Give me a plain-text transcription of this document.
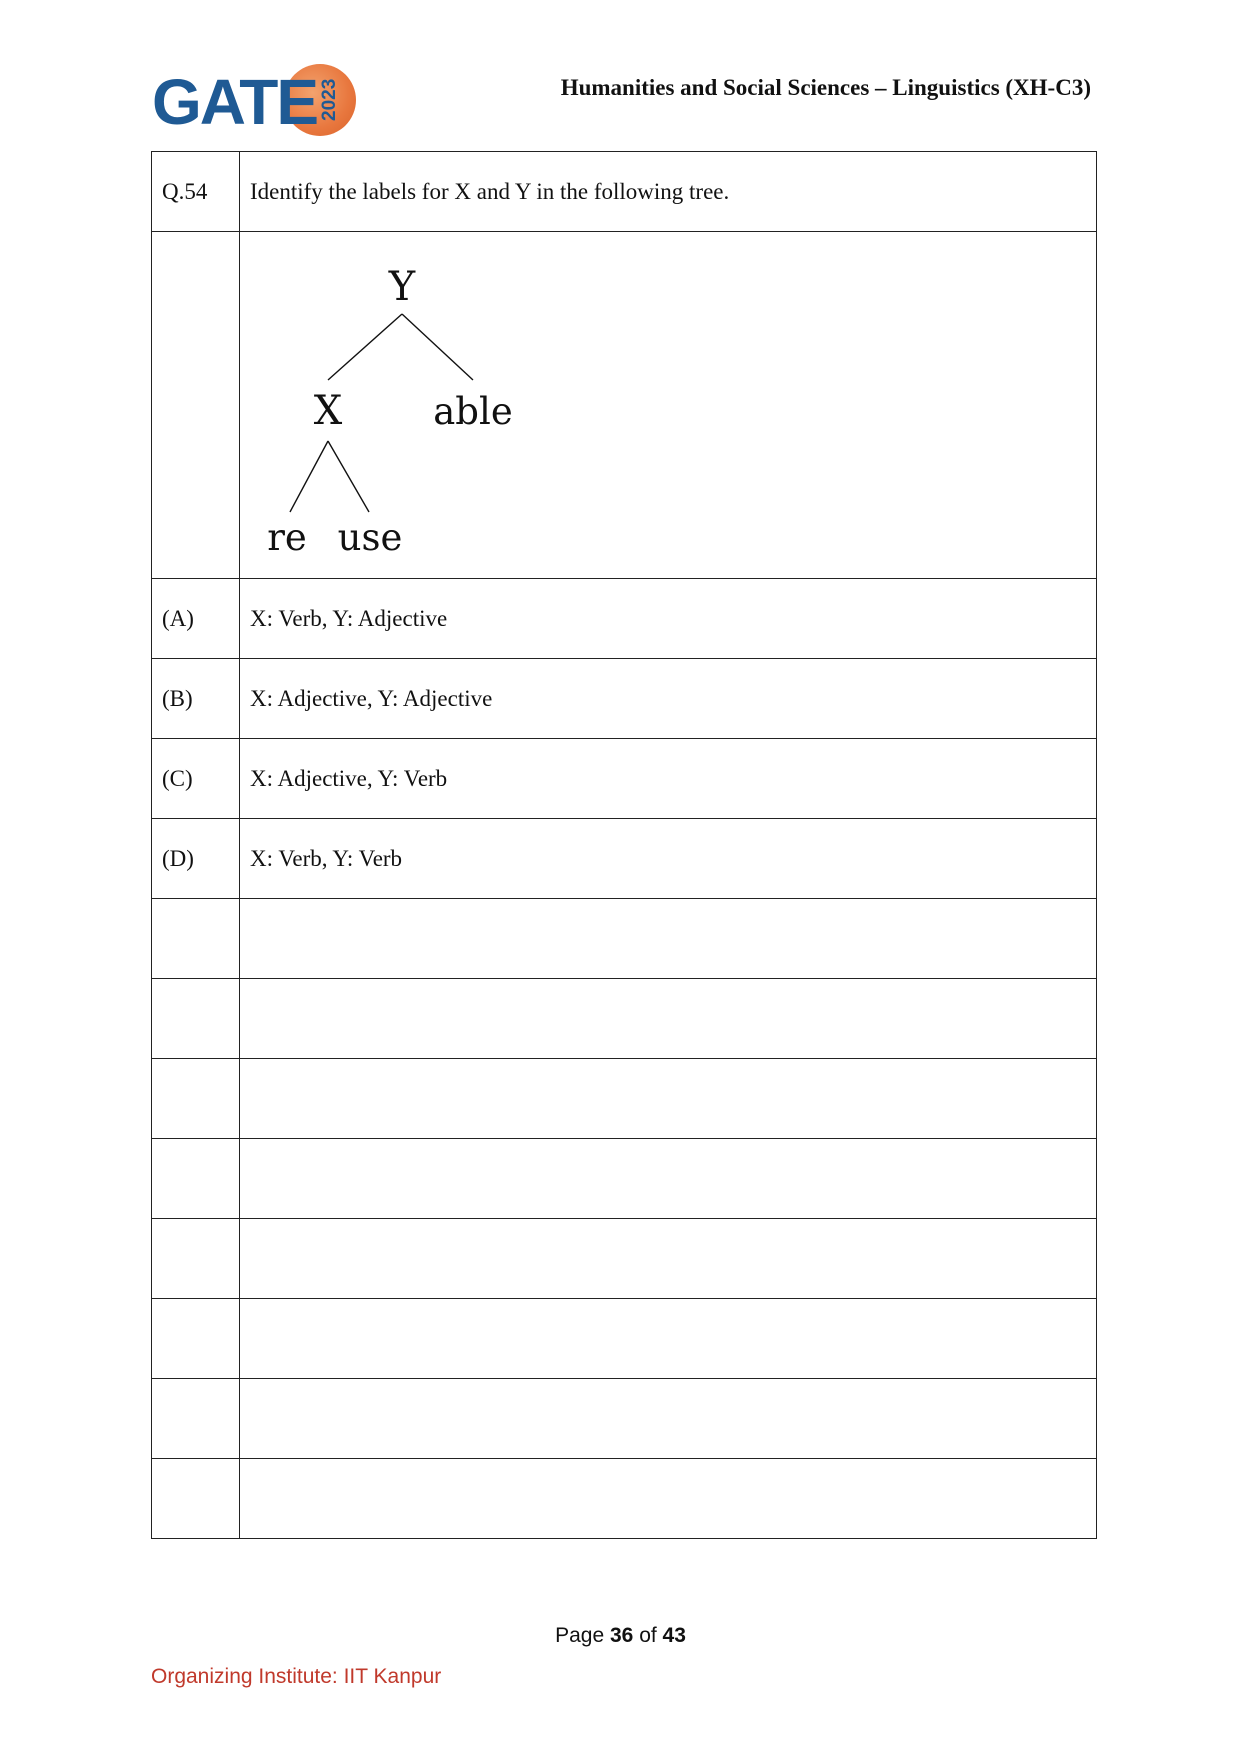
GATE 2023	Humanities and Social Sciences – Linguistics (XH-C3)
Q.54	Identify the labels for X and Y in the following tree.

Y
X able
re use

(A)	X: Verb, Y: Adjective
(B)	X: Adjective, Y: Adjective
(C)	X: Adjective, Y: Verb
(D)	X: Verb, Y: Verb

Page 36 of 43
Organizing Institute: IIT Kanpur
